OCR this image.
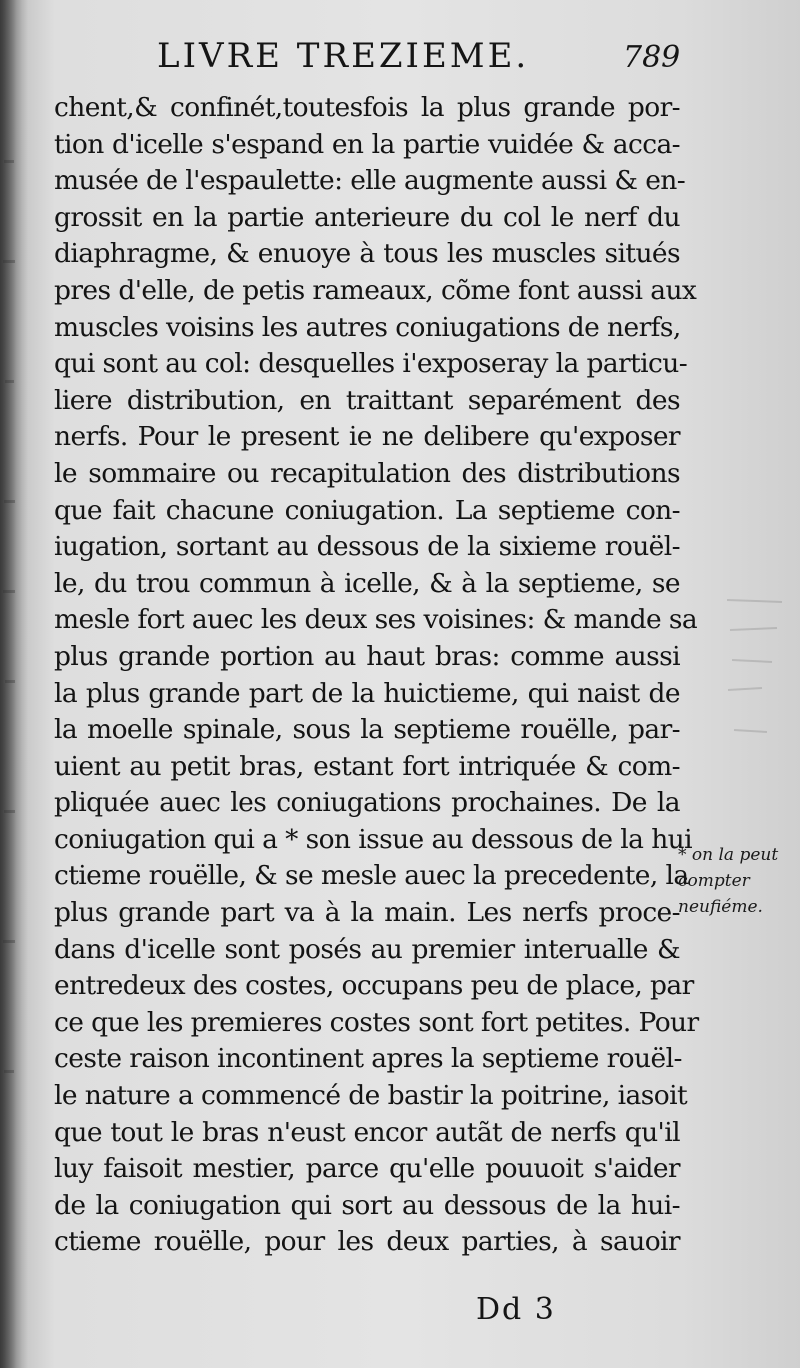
LIVRE TREZIEME.	789
chent,& confinét,toutesfois la plus grande por-
tion d'icelle s'espand en la partie vuidée & acca-
musée de l'espaulette: elle augmente aussi & en-
grossit en la partie anterieure du col le nerf du
diaphragme, & enuoye à tous les muscles situés
pres d'elle, de petis rameaux, cõme font aussi aux
muscles voisins les autres coniugations de nerfs,
qui sont au col: desquelles i'exposeray la particu-
liere distribution, en traittant separément des
nerfs. Pour le present ie ne delibere qu'exposer
le sommaire ou recapitulation des distributions
que fait chacune coniugation. La septieme con-
iugation, sortant au dessous de la sixieme rouël-
le, du trou commun à icelle, & à la septieme, se
mesle fort auec les deux ses voisines: & mande sa
plus grande portion au haut bras: comme aussi
la plus grande part de la huictieme, qui naist de
la moelle spinale, sous la septieme rouëlle, par-
uient au petit bras, estant fort intriquée & com-
pliquée auec les coniugations prochaines. De la
coniugation qui a * son issue au dessous de la hui
ctieme rouëlle, & se mesle auec la precedente, la
plus grande part va à la main. Les nerfs proce-
dans d'icelle sont posés au premier interualle &
entredeux des costes, occupans peu de place, par
ce que les premieres costes sont fort petites. Pour
ceste raison incontinent apres la septieme rouël-
le nature a commencé de bastir la poitrine, iasoit
que tout le bras n'eust encor autãt de nerfs qu'il
luy faisoit mestier, parce qu'elle pouuoit s'aider
de la coniugation qui sort au dessous de la hui-
ctieme rouëlle, pour les deux parties, à sauoir
* on la peut
compter
neufiéme.
Dd 3
